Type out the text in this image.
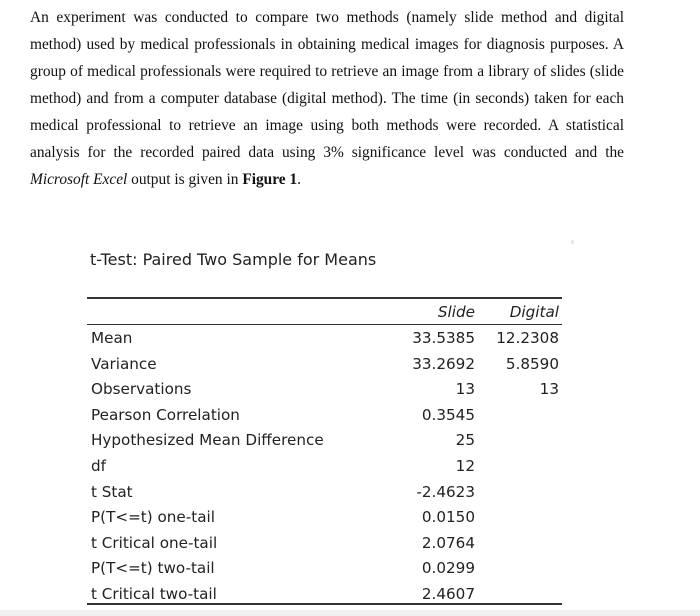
An experiment was conducted to compare two methods (namely slide method and digital method) used by medical professionals in obtaining medical images for diagnosis purposes. A group of medical professionals were required to retrieve an image from a library of slides (slide method) and from a computer database (digital method). The time (in seconds) taken for each medical professional to retrieve an image using both methods were recorded. A statistical analysis for the recorded paired data using 3% significance level was conducted and the Microsoft Excel output is given in Figure 1.
t-Test: Paired Two Sample for Means
Slide Digital
Mean	33.5385 12.2308
Variance	33.2692 5.8590
Observations	13	13
Pearson Correlation	0.3545
Hypothesized Mean Difference	25
df	12
t Stat	-2.4623
P(T<=t) one-tail	0.0150
t Critical one-tail	2.0764
P(T<=t) two-tail	0.0299
t Critical two-tail	2.4607
